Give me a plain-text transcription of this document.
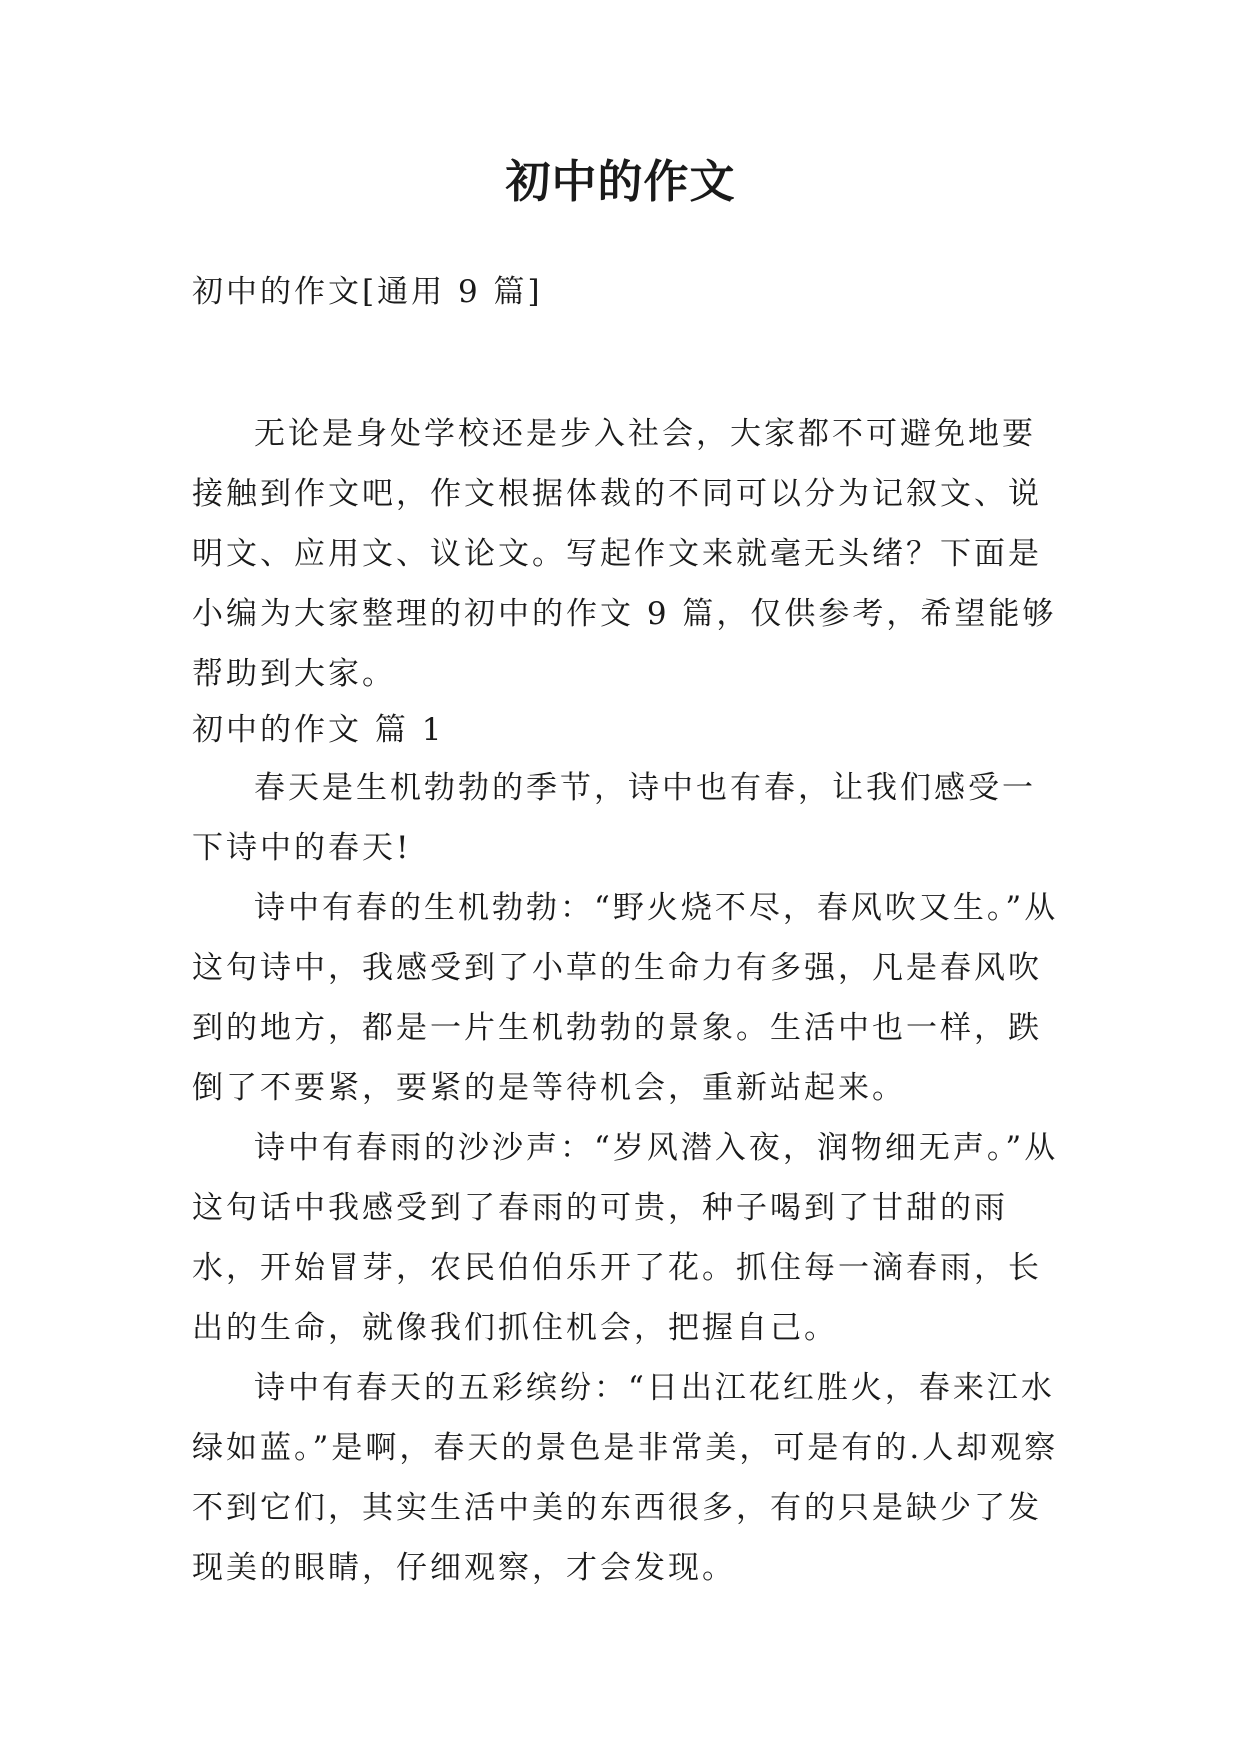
初中的作文
初中的作文[通用 9 篇]

无论是身处学校还是步入社会，大家都不可避免地要接触到作文吧，作文根据体裁的不同可以分为记叙文、说明文、应用文、议论文。写起作文来就毫无头绪？下面是小编为大家整理的初中的作文 9 篇，仅供参考，希望能够帮助到大家。

初中的作文 篇 1

春天是生机勃勃的季节，诗中也有春，让我们感受一下诗中的春天!

诗中有春的生机勃勃：“野火烧不尽，春风吹又生。”从这句诗中，我感受到了小草的生命力有多强，凡是春风吹到的地方，都是一片生机勃勃的景象。生活中也一样，跌倒了不要紧，要紧的是等待机会，重新站起来。

诗中有春雨的沙沙声：“岁风潜入夜，润物细无声。”从这句话中我感受到了春雨的可贵，种子喝到了甘甜的雨水，开始冒芽，农民伯伯乐开了花。抓住每一滴春雨，长出的生命，就像我们抓住机会，把握自己。

诗中有春天的五彩缤纷：“日出江花红胜火，春来江水绿如蓝。”是啊，春天的景色是非常美，可是有的.人却观察不到它们，其实生活中美的东西很多，有的只是缺少了发现美的眼睛，仔细观察，才会发现。
